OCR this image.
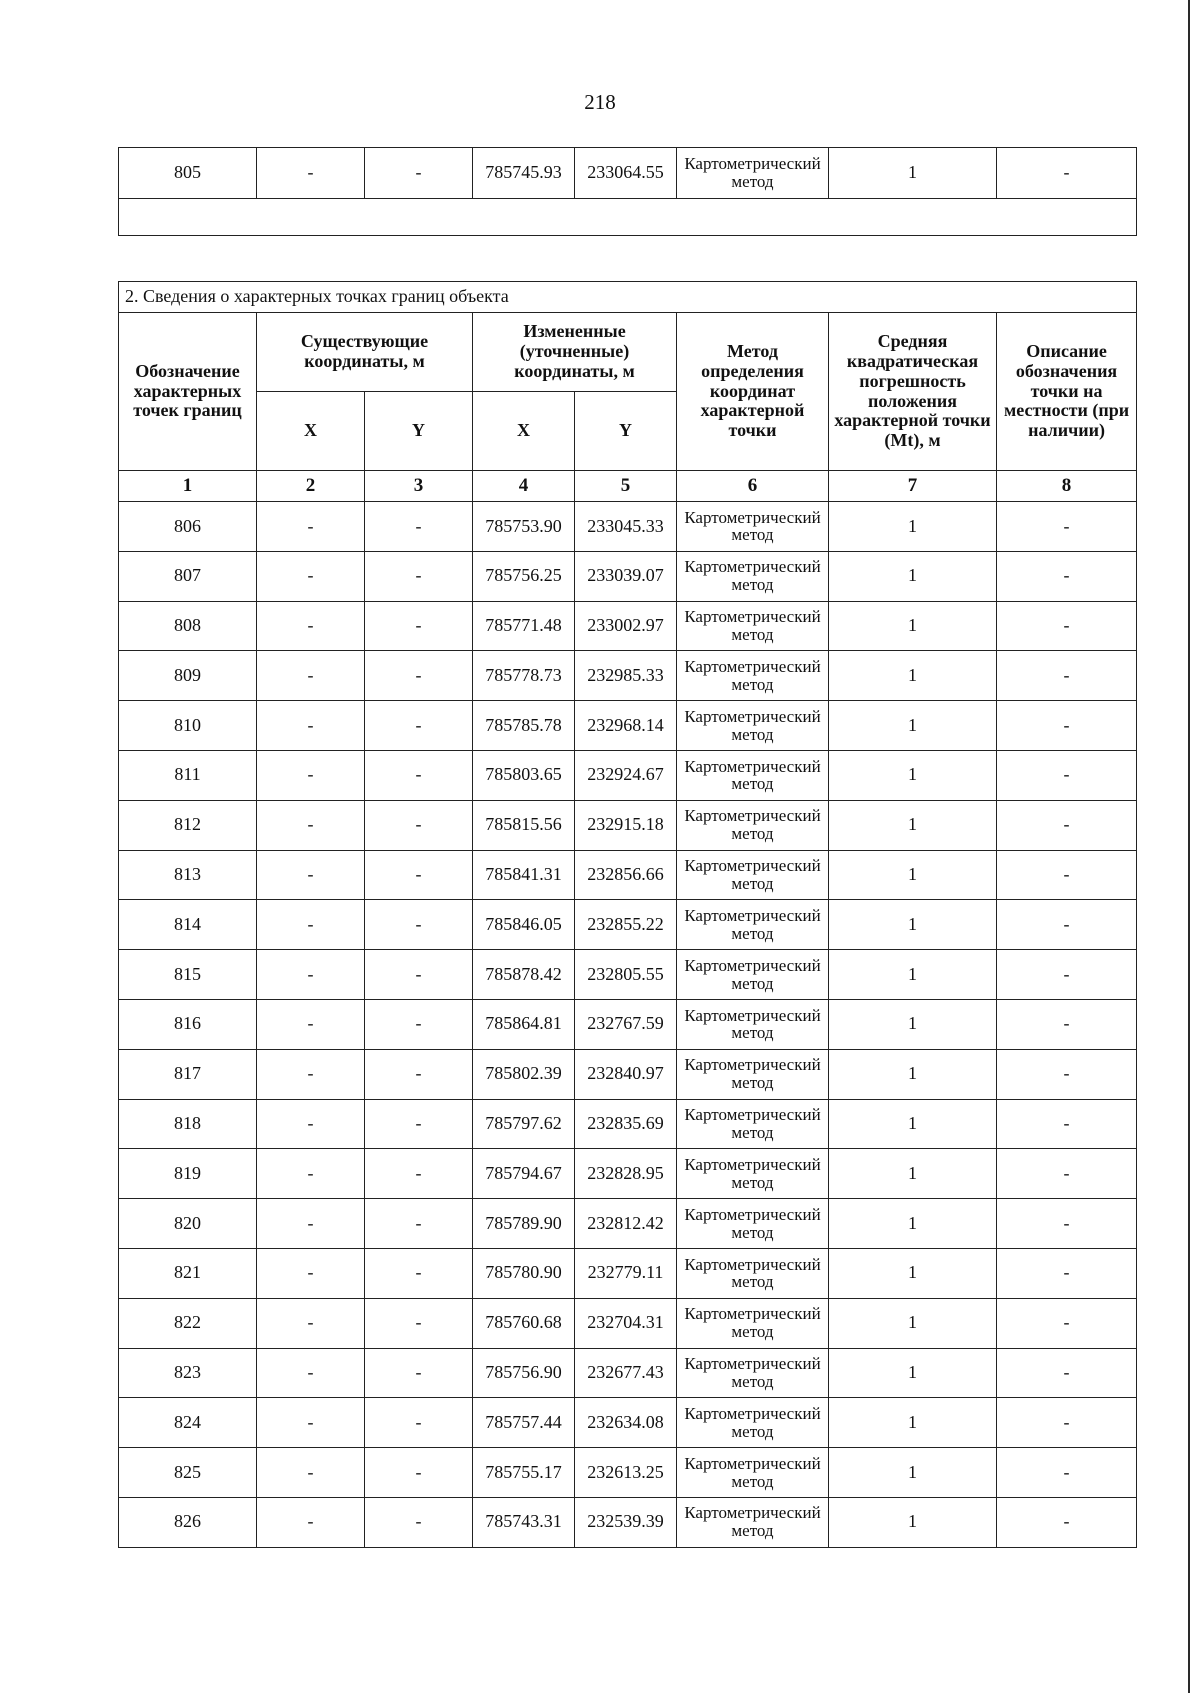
218
805	-	-	785745.93	233064.55	Картометрический метод	1	-

2. Сведения о характерных точках границ объекта							
Обозначение характерных точек границ	Существующие координаты, м		Измененные (уточненные) координаты, м		Метод определения координат характерной точки	Средняя квадратическая погрешность положения характерной точки (Mt), м	Описание обозначения точки на местности (при наличии)
	X	Y	X	Y			
1	2	3	4	5	6	7	8
806	-	-	785753.90	233045.33	Картометрический метод	1	-
807	-	-	785756.25	233039.07	Картометрический метод	1	-
808	-	-	785771.48	233002.97	Картометрический метод	1	-
809	-	-	785778.73	232985.33	Картометрический метод	1	-
810	-	-	785785.78	232968.14	Картометрический метод	1	-
811	-	-	785803.65	232924.67	Картометрический метод	1	-
812	-	-	785815.56	232915.18	Картометрический метод	1	-
813	-	-	785841.31	232856.66	Картометрический метод	1	-
814	-	-	785846.05	232855.22	Картометрический метод	1	-
815	-	-	785878.42	232805.55	Картометрический метод	1	-
816	-	-	785864.81	232767.59	Картометрический метод	1	-
817	-	-	785802.39	232840.97	Картометрический метод	1	-
818	-	-	785797.62	232835.69	Картометрический метод	1	-
819	-	-	785794.67	232828.95	Картометрический метод	1	-
820	-	-	785789.90	232812.42	Картометрический метод	1	-
821	-	-	785780.90	232779.11	Картометрический метод	1	-
822	-	-	785760.68	232704.31	Картометрический метод	1	-
823	-	-	785756.90	232677.43	Картометрический метод	1	-
824	-	-	785757.44	232634.08	Картометрический метод	1	-
825	-	-	785755.17	232613.25	Картометрический метод	1	-
826	-	-	785743.31	232539.39	Картометрический метод	1	-
